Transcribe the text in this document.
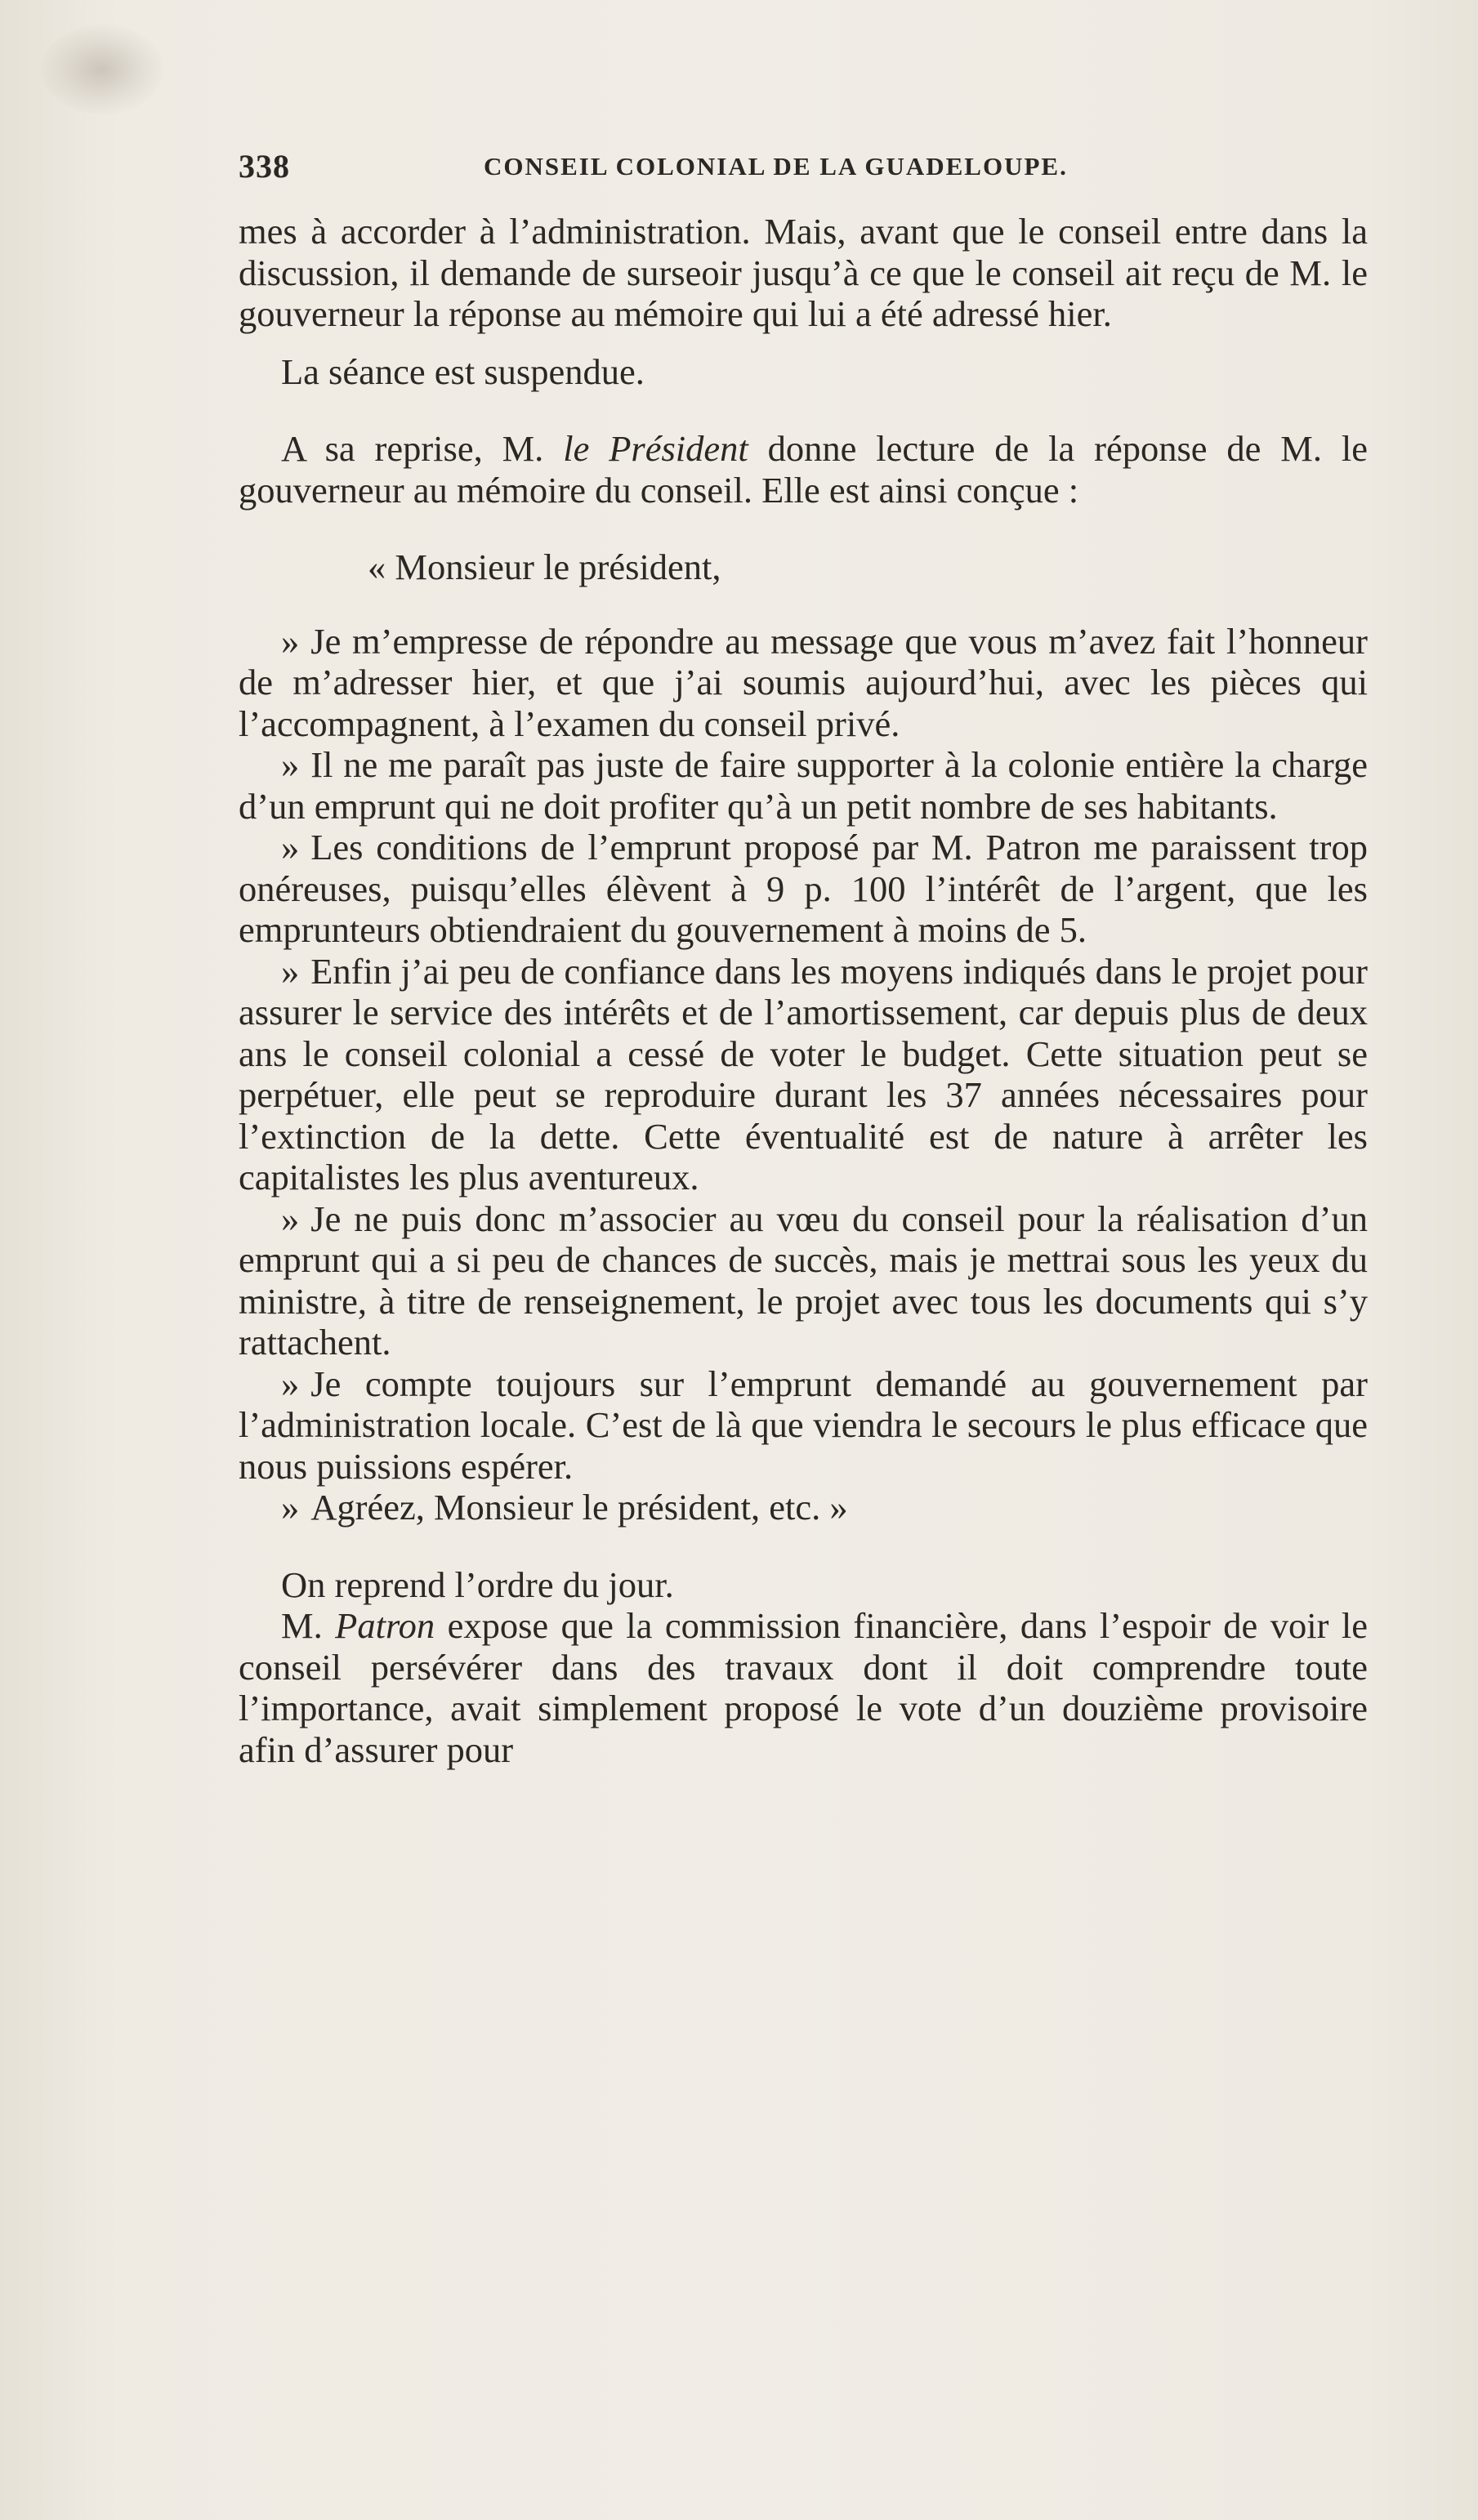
338	CONSEIL COLONIAL DE LA GUADELOUPE.

mes à accorder à l’administration. Mais, avant que le conseil entre dans la discussion, il demande de surseoir jusqu’à ce que le conseil ait reçu de M. le gouverneur la réponse au mémoire qui lui a été adressé hier.

La séance est suspendue.

A sa reprise, M. le Président donne lecture de la réponse de M. le gouverneur au mémoire du conseil. Elle est ainsi conçue :

« Monsieur le président,

» Je m’empresse de répondre au message que vous m’avez fait l’honneur de m’adresser hier, et que j’ai soumis aujourd’hui, avec les pièces qui l’accompagnent, à l’examen du conseil privé.

» Il ne me paraît pas juste de faire supporter à la colonie entière la charge d’un emprunt qui ne doit profiter qu’à un petit nombre de ses habitants.

» Les conditions de l’emprunt proposé par M. Patron me paraissent trop onéreuses, puisqu’elles élèvent à 9 p. 100 l’intérêt de l’argent, que les emprunteurs obtiendraient du gouvernement à moins de 5.

» Enfin j’ai peu de confiance dans les moyens indiqués dans le projet pour assurer le service des intérêts et de l’amortissement, car depuis plus de deux ans le conseil colonial a cessé de voter le budget. Cette situation peut se perpétuer, elle peut se reproduire durant les 37 années nécessaires pour l’extinction de la dette. Cette éventualité est de nature à arrêter les capitalistes les plus aventureux.

» Je ne puis donc m’associer au vœu du conseil pour la réalisation d’un emprunt qui a si peu de chances de succès, mais je mettrai sous les yeux du ministre, à titre de renseignement, le projet avec tous les documents qui s’y rattachent.

» Je compte toujours sur l’emprunt demandé au gouvernement par l’administration locale. C’est de là que viendra le secours le plus efficace que nous puissions espérer.

» Agréez, Monsieur le président, etc. »

On reprend l’ordre du jour.

M. Patron expose que la commission financière, dans l’espoir de voir le conseil persévérer dans des travaux dont il doit comprendre toute l’importance, avait simplement proposé le vote d’un douzième provisoire afin d’assurer pour
